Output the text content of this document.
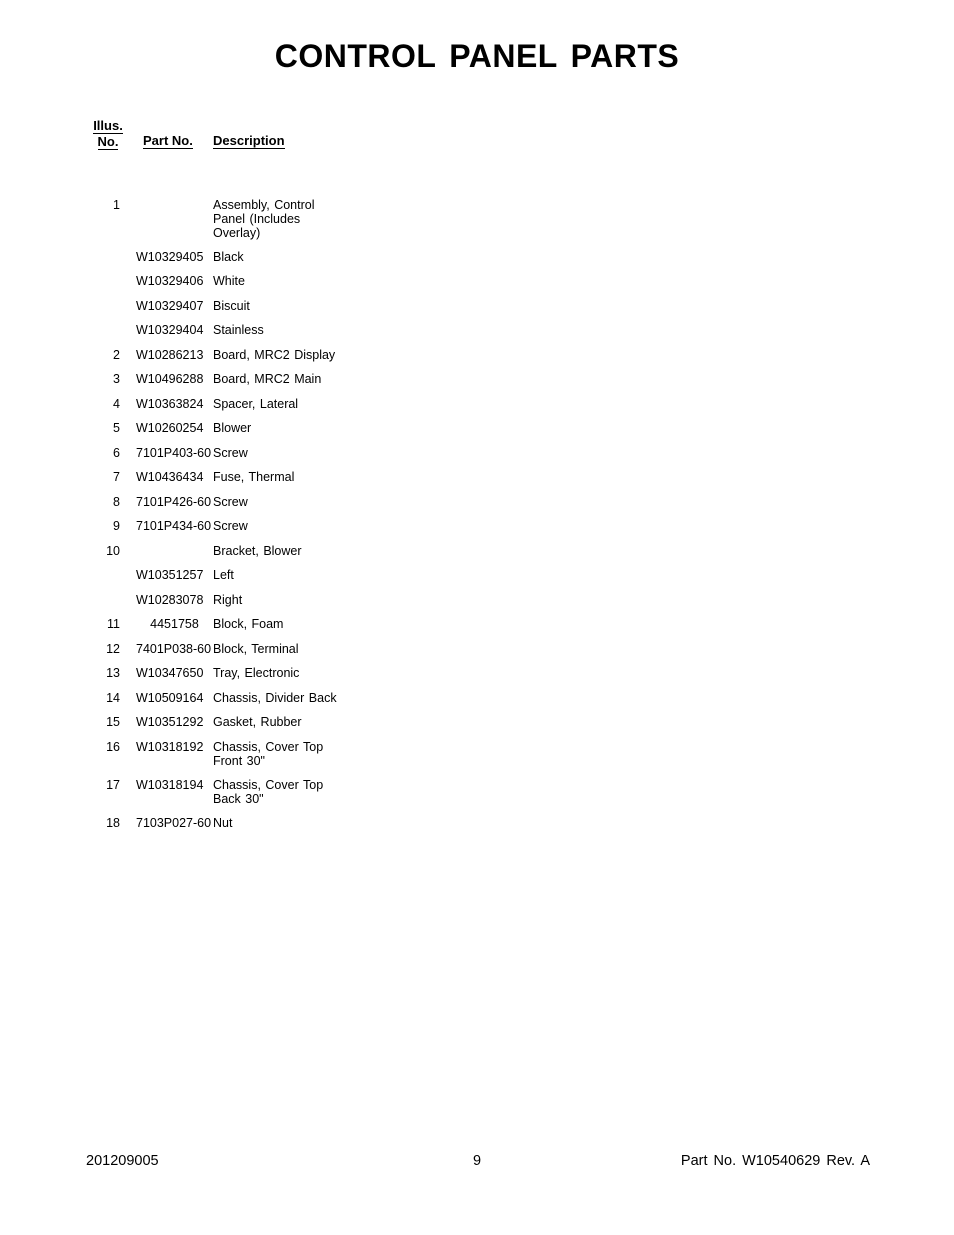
CONTROL PANEL PARTS
Illus.
No.	Part No. Description
1	Assembly, Control Panel (Includes Overlay)
W10329405 Black
W10329406 White
W10329407 Biscuit
W10329404 Stainless
2 W10286213 Board, MRC2 Display
3 W10496288 Board, MRC2 Main
4 W10363824 Spacer, Lateral
5 W10260254 Blower
6 7101P403-60 Screw
7 W10436434 Fuse, Thermal
8 7101P426-60 Screw
9 7101P434-60 Screw
10	Bracket, Blower
W10351257 Left
W10283078 Right
11	4451758	Block, Foam
12 7401P038-60 Block, Terminal
13 W10347650 Tray, Electronic
14 W10509164 Chassis, Divider Back
15 W10351292 Gasket, Rubber
16 W10318192 Chassis, Cover Top Front 30"
17 W10318194 Chassis, Cover Top Back 30"
18 7103P027-60 Nut
201209005	9	Part No. W10540629 Rev. A
